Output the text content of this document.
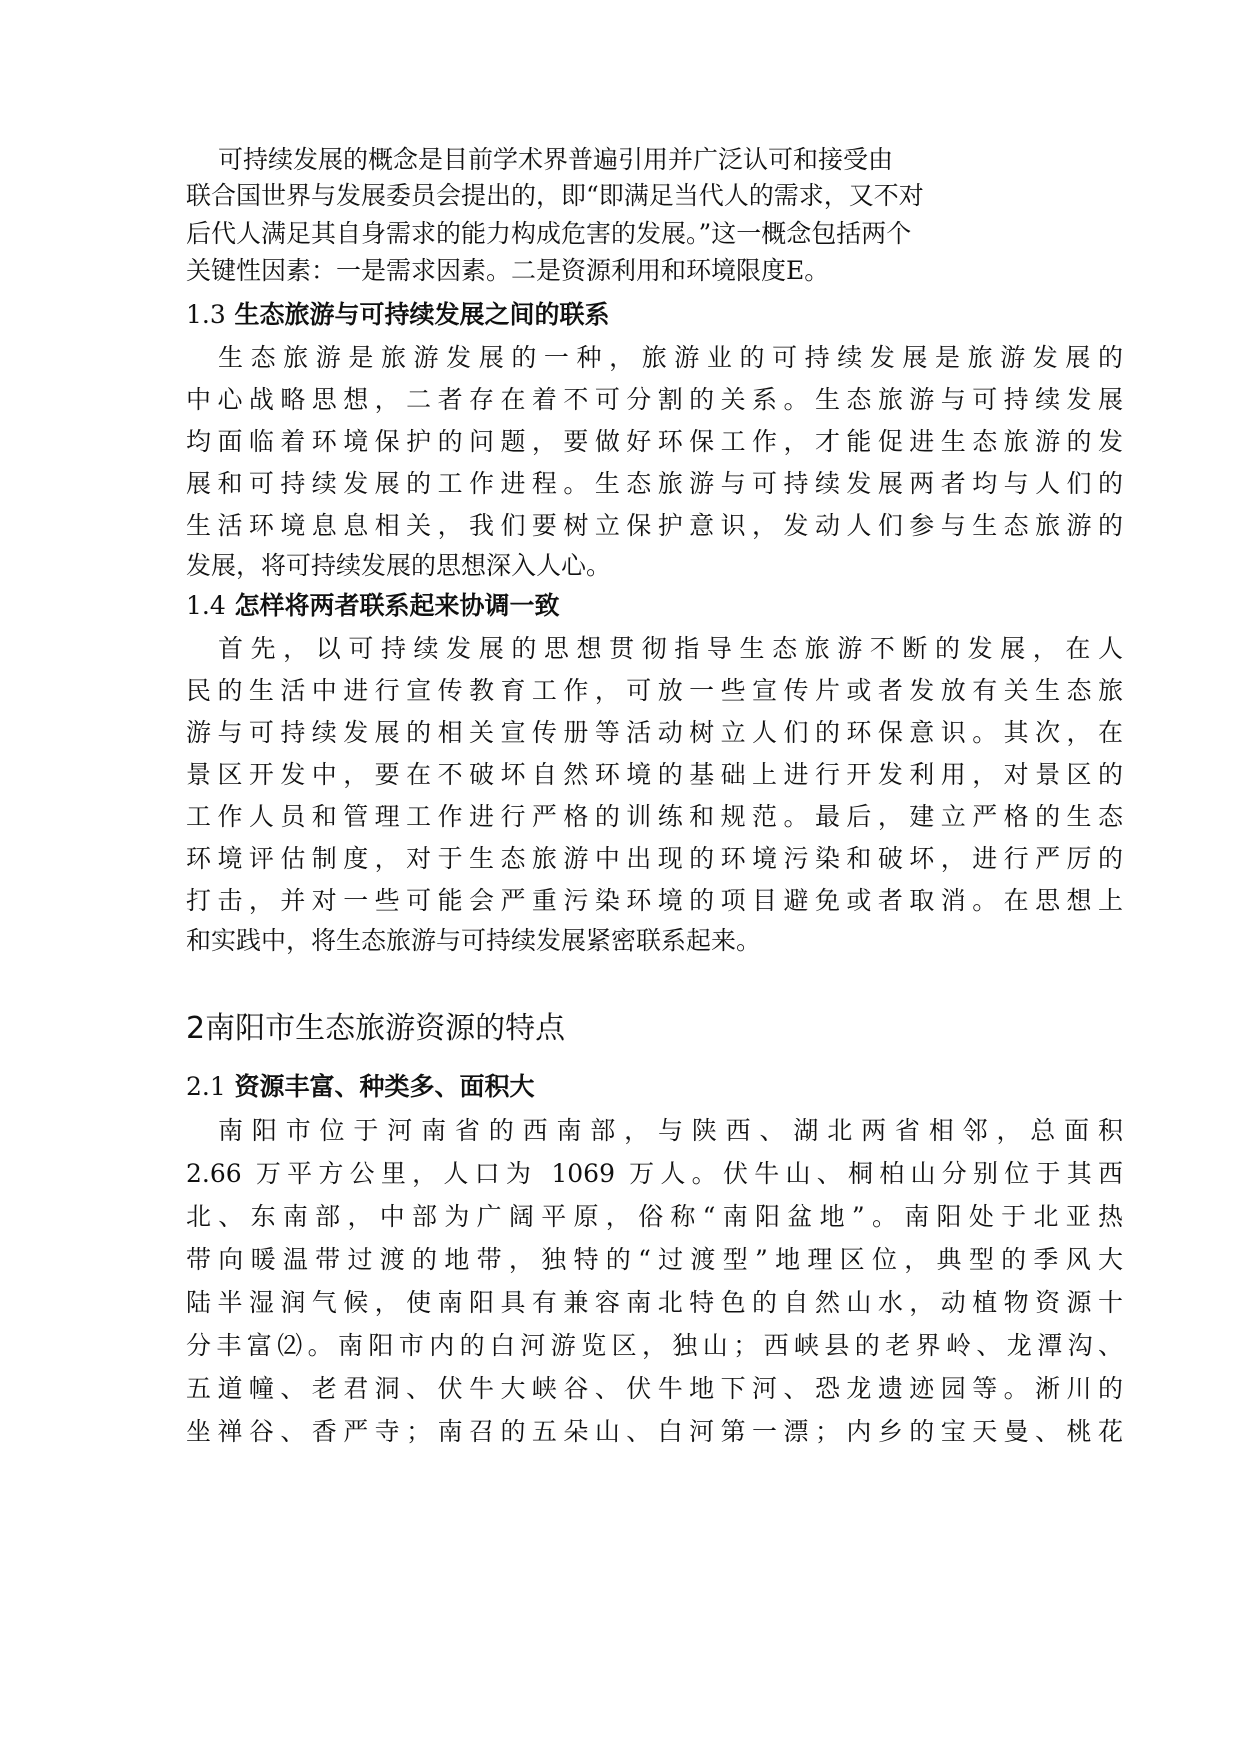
可持续发展的概念是目前学术界普遍引用并广泛认可和接受由
联合国世界与发展委员会提出的，即“即满足当代人的需求，又不对
后代人满足其自身需求的能力构成危害的发展。”这一概念包括两个
关键性因素：一是需求因素。二是资源利用和环境限度E。
1.3 生态旅游与可持续发展之间的联系
生态旅游是旅游发展的一种，旅游业的可持续发展是旅游发展的
中心战略思想，二者存在着不可分割的关系。生态旅游与可持续发展
均面临着环境保护的问题，要做好环保工作，才能促进生态旅游的发
展和可持续发展的工作进程。生态旅游与可持续发展两者均与人们的
生活环境息息相关，我们要树立保护意识，发动人们参与生态旅游的
发展，将可持续发展的思想深入人心。
1.4 怎样将两者联系起来协调一致
首先，以可持续发展的思想贯彻指导生态旅游不断的发展，在人
民的生活中进行宣传教育工作，可放一些宣传片或者发放有关生态旅
游与可持续发展的相关宣传册等活动树立人们的环保意识。其次，在
景区开发中，要在不破坏自然环境的基础上进行开发利用，对景区的
工作人员和管理工作进行严格的训练和规范。最后，建立严格的生态
环境评估制度，对于生态旅游中出现的环境污染和破坏，进行严厉的
打击，并对一些可能会严重污染环境的项目避免或者取消。在思想上
和实践中，将生态旅游与可持续发展紧密联系起来。
2南阳市生态旅游资源的特点
2.1 资源丰富、种类多、面积大
南阳市位于河南省的西南部，与陕西、湖北两省相邻，总面积
2.66 万平方公里，人口为 1069 万人。伏牛山、桐柏山分别位于其西
北、东南部，中部为广阔平原，俗称“南阳盆地”。南阳处于北亚热
带向暖温带过渡的地带，独特的“过渡型”地理区位，典型的季风大
陆半湿润气候，使南阳具有兼容南北特色的自然山水，动植物资源十
分丰富⑵。南阳市内的白河游览区，独山；西峡县的老界岭、龙潭沟、
五道幢、老君洞、伏牛大峡谷、伏牛地下河、恐龙遗迹园等。淅川的
坐禅谷、香严寺；南召的五朵山、白河第一漂；内乡的宝天曼、桃花
